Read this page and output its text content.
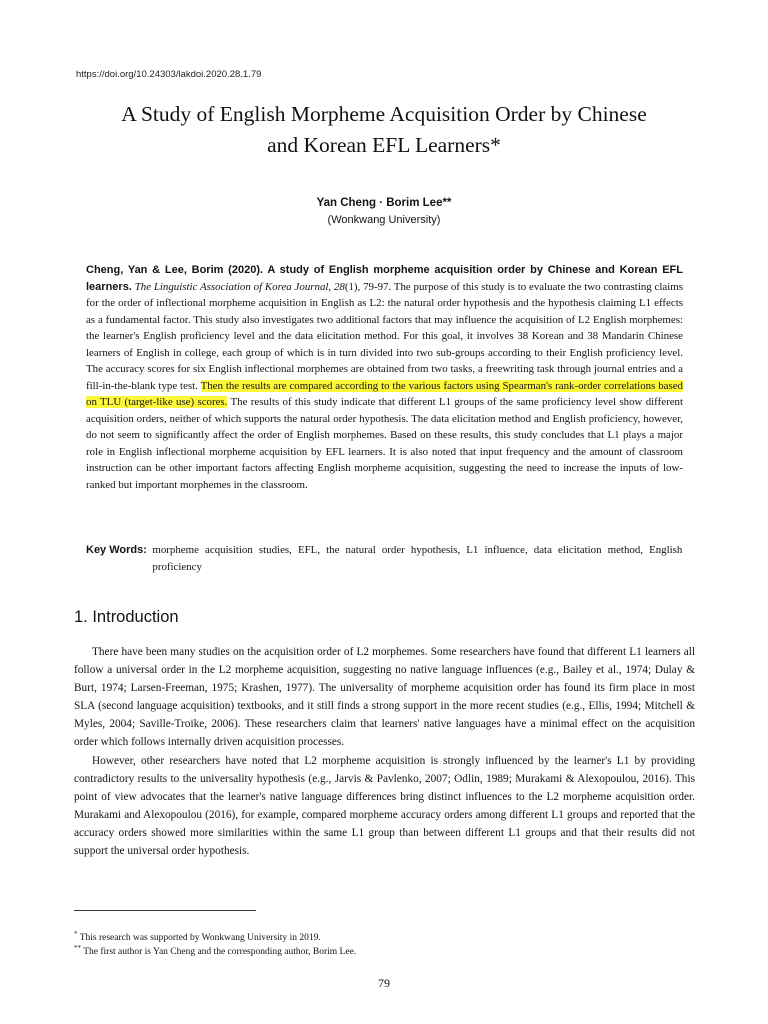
https://doi.org/10.24303/lakdoi.2020.28.1.79
A Study of English Morpheme Acquisition Order by Chinese
and Korean EFL Learners*
Yan Cheng · Borim Lee**
(Wonkwang University)
Cheng, Yan & Lee, Borim (2020). A study of English morpheme acquisition order by Chinese and Korean EFL learners. The Linguistic Association of Korea Journal, 28(1), 79-97. The purpose of this study is to evaluate the two contrasting claims for the order of inflectional morpheme acquisition in English as L2: the natural order hypothesis and the hypothesis claiming L1 effects as a fundamental factor. This study also investigates two additional factors that may influence the acquisition of L2 English morphemes: the learner's English proficiency level and the data elicitation method. For this goal, it involves 38 Korean and 38 Mandarin Chinese learners of English in college, each group of which is in turn divided into two sub-groups according to their English proficiency level. The accuracy scores for six English inflectional morphemes are obtained from two tasks, a freewriting task through journal entries and a fill-in-the-blank type test. Then the results are compared according to the various factors using Spearman's rank-order correlations based on TLU (target-like use) scores. The results of this study indicate that different L1 groups of the same proficiency level show different acquisition orders, neither of which supports the natural order hypothesis. The data elicitation method and English proficiency, however, do not seem to significantly affect the order of English morphemes. Based on these results, this study concludes that L1 plays a major role in English inflectional morpheme acquisition by EFL learners. It is also noted that input frequency and the amount of classroom instruction can be other important factors affecting English morpheme acquisition, suggesting the need to increase the inputs of low-ranked but important morphemes in the classroom.
Key Words: morpheme acquisition studies, EFL, the natural order hypothesis, L1 influence, data elicitation method, English proficiency
1. Introduction

There have been many studies on the acquisition order of L2 morphemes. Some researchers have found that different L1 learners all follow a universal order in the L2 morpheme acquisition, suggesting no native language influences (e.g., Bailey et al., 1974; Dulay & Burt, 1974; Larsen-Freeman, 1975; Krashen, 1977). The universality of morpheme acquisition order has found its firm place in most SLA (second language acquisition) textbooks, and it still finds a strong support in the more recent studies (e.g., Ellis, 1994; Mitchell & Myles, 2004; Saville-Troike, 2006). These researchers claim that learners' native languages have a minimal effect on the acquisition order which follows internally driven acquisition processes.

However, other researchers have noted that L2 morpheme acquisition is strongly influenced by the learner's L1 by providing contradictory results to the universality hypothesis (e.g., Jarvis & Pavlenko, 2007; Odlin, 1989; Murakami & Alexopoulou, 2016). This point of view advocates that the learner's native language differences bring distinct influences to the L2 morpheme acquisition order. Murakami and Alexopoulou (2016), for example, compared morpheme accuracy orders among different L1 groups and reported that the accuracy orders showed more similarities within the same L1 group than between different L1 groups and that their results did not support the universal order hypothesis.

* This research was supported by Wonkwang University in 2019.
** The first author is Yan Cheng and the corresponding author, Borim Lee.
79
